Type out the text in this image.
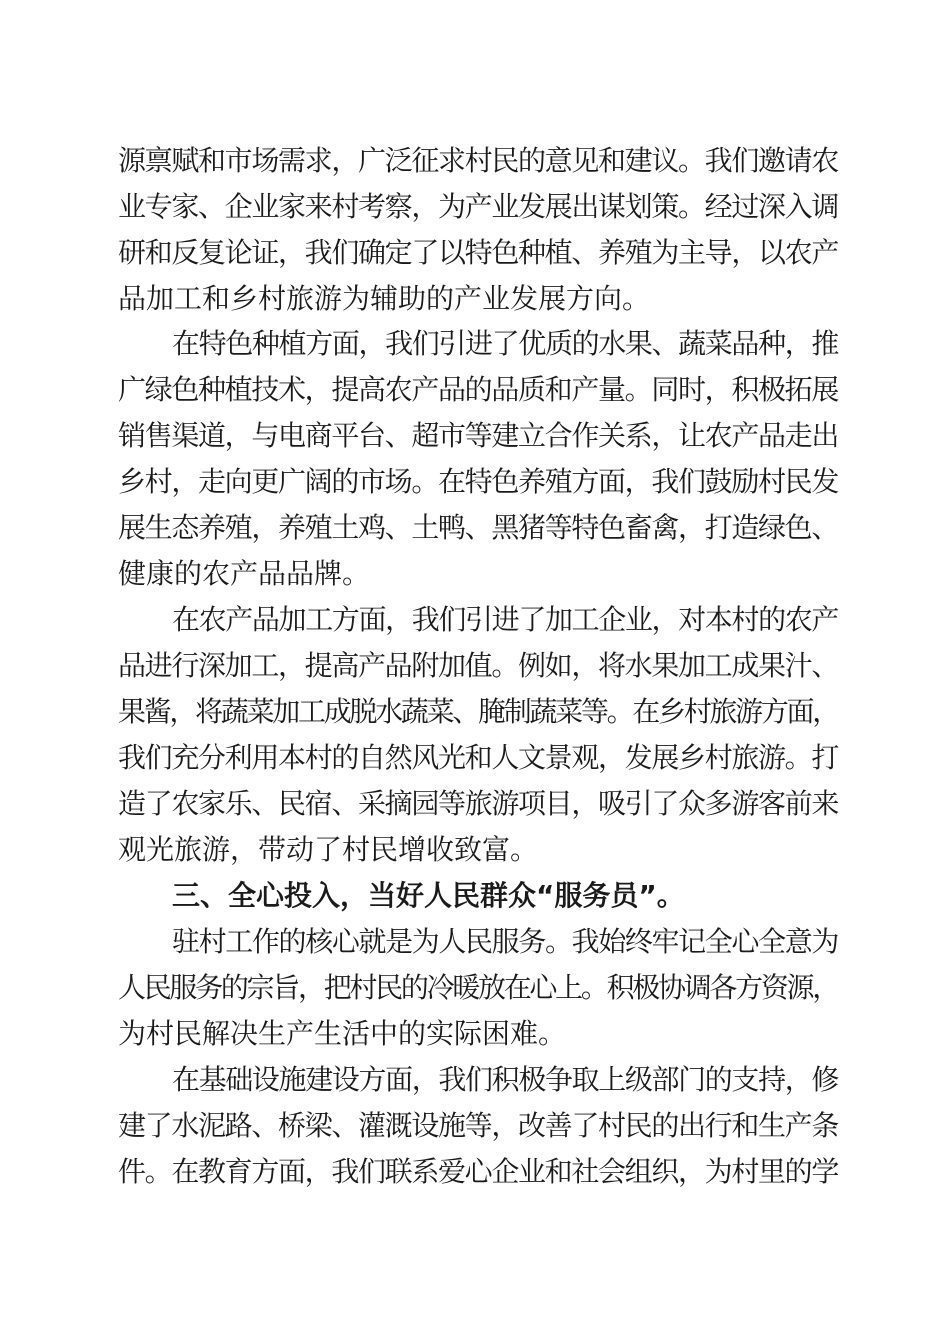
源禀赋和市场需求，广泛征求村民的意见和建议。我们邀请农
业专家、企业家来村考察，为产业发展出谋划策。经过深入调
研和反复论证，我们确定了以特色种植、养殖为主导，以农产
品加工和乡村旅游为辅助的产业发展方向。
在特色种植方面，我们引进了优质的水果、蔬菜品种，推
广绿色种植技术，提高农产品的品质和产量。同时，积极拓展
销售渠道，与电商平台、超市等建立合作关系，让农产品走出
乡村，走向更广阔的市场。在特色养殖方面，我们鼓励村民发
展生态养殖，养殖土鸡、土鸭、黑猪等特色畜禽，打造绿色、
健康的农产品品牌。
在农产品加工方面，我们引进了加工企业，对本村的农产
品进行深加工，提高产品附加值。例如，将水果加工成果汁、
果酱，将蔬菜加工成脱水蔬菜、腌制蔬菜等。在乡村旅游方面，
我们充分利用本村的自然风光和人文景观，发展乡村旅游。打
造了农家乐、民宿、采摘园等旅游项目，吸引了众多游客前来
观光旅游，带动了村民增收致富。
三、全心投入，当好人民群众“服务员”。
驻村工作的核心就是为人民服务。我始终牢记全心全意为
人民服务的宗旨，把村民的冷暖放在心上。积极协调各方资源，
为村民解决生产生活中的实际困难。
在基础设施建设方面，我们积极争取上级部门的支持，修
建了水泥路、桥梁、灌溉设施等，改善了村民的出行和生产条
件。在教育方面，我们联系爱心企业和社会组织，为村里的学
